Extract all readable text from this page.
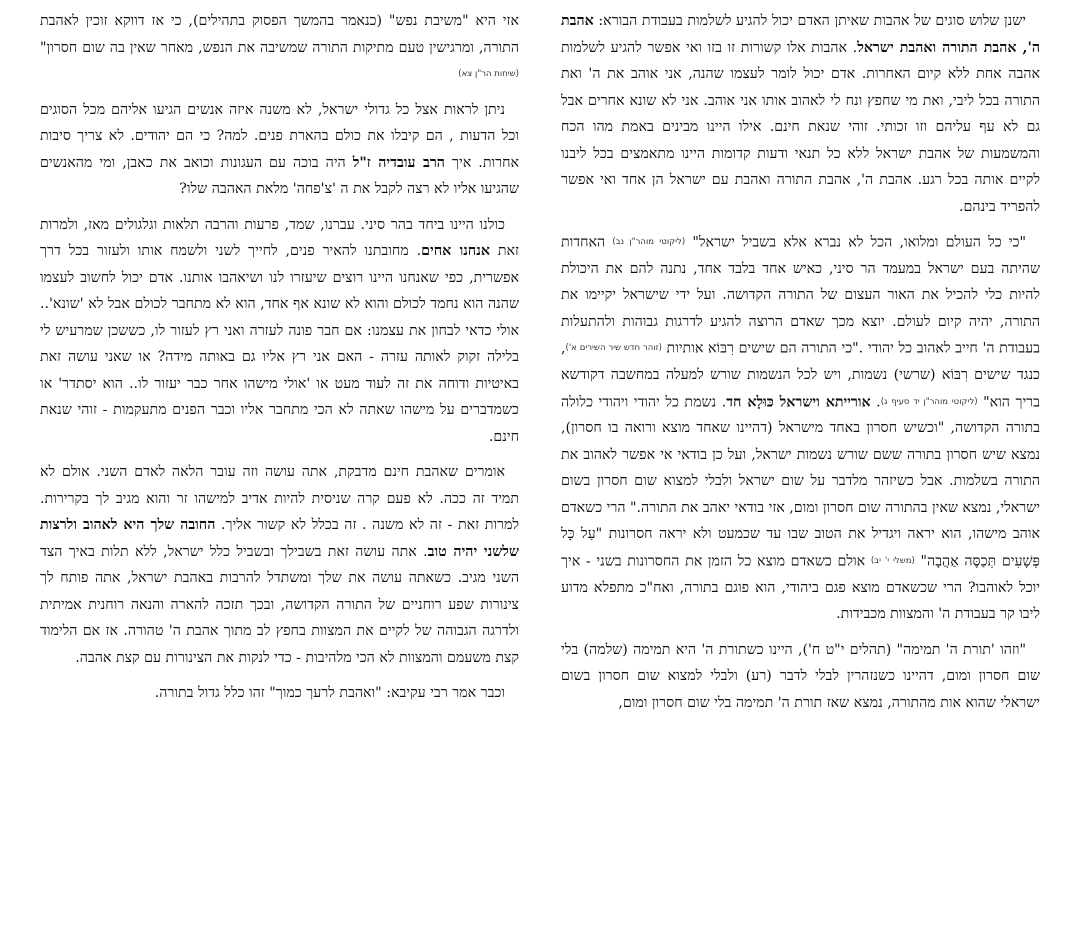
ישנן שלוש סוגים של אהבות שאיתן האדם יכול להגיע לשלמות בעבודת הבורא: אהבת ה', אהבת התורה ואהבת ישראל. אהבות אלו קשורות זו בזו ואי אפשר להגיע לשלמות אהבה אחת ללא קיום האחרות. אדם יכול לומר לעצמו שהנה, אני אוהב את ה' ואת התורה בכל ליבי, ואת מי שחפץ ונח לי לאהוב אותו אני אוהב. אני לא שונא אחרים אבל גם לא עף עליהם וזו זכותי. זוהי שנאת חינם. אילו היינו מבינים באמת מהו הכח והמשמעות של אהבת ישראל ללא כל תנאי ודעות קדומות היינו מתאמצים בכל ליבנו לקיים אותה בכל רגע. אהבת ה', אהבת התורה ואהבת עם ישראל הן אחד ואי אפשר להפריד בינהם.

"כי כל העולם ומלואו, הכל לא נברא אלא בשביל ישראל" (ליקוטי מוהר"ן נב) האחדות שהיתה בעם ישראל במעמד הר סיני, כאיש אחד בלבד אחד, נתנה להם את היכולת להיות כלי להכיל את האור העצום של התורה הקדושה. ועל ידי שישראל יקיימו את התורה, יהיה קיום לעולם. יוצא מכך שאדם הרוצה להגיע לדרגות גבוהות ולהתעלות בעבודת ה' חייב לאהוב כל יהודי ."כי התורה הם שישים רִבּוֹא אותיות (זוהר חדש שיר השירים א'), כנגד שישים רִבּוֹא (שרשי) נשמות, ויש לכל הנשמות שורש למעלה במחשבה דקודשא בריך הוא" (ליקוטי מוהר"ן יד סעיף ג). אורייתא וישראל כּוּלָא חד. נשמת כל יהודי ויהודי כלולה בתורה הקדושה, "וכשיש חסרון באחד מישראל (דהיינו שאחד מוצא ורואה בו חסרון), נמצא שיש חסרון בתורה ששם שורש נשמות ישראל, ועל כן בודאי אי אפשר לאהוב את התורה בשלמות. אבל כשיזהר מלדבר על שום ישראל ולבלי למצוא שום חסרון בשום ישראלי, נמצא שאין בהתורה שום חסרון ומום, אזי בודאי יאהב את התורה." הרי כשאדם אוהב מישהו, הוא יראה ויגדיל את הטוב שבו עד שכמעט ולא יראה חסרונות "עַל כָּל פְּשָׁעִים תְּכַסֶּה אַהֲבָה" (משלי י' יב) אולם כשאדם מוצא כל הזמן את החסרונות בשני - איך יוכל לאוהבו? הרי שכשאדם מוצא פגם ביהודי, הוא פוגם בתורה, ואח"כ מתפלא מדוע ליבו קר בעבודת ה' והמצוות מכבידות.

"וזהו 'תורת ה' תמימה" (תהלים י"ט ח'), היינו כשתורת ה' היא תמימה (שלמה) בלי שום חסרון ומום, דהיינו כשנזהרין לבלי לדבר (רע) ולבלי למצוא שום חסרון בשום ישראלי שהוא אות מהתורה, נמצא שאז תורת ה' תמימה בלי שום חסרון ומום,

אזי היא "משיבת נפש" (כנאמר בהמשך הפסוק בתהילים), כי אז דווקא זוכין לאהבת התורה, ומרגישין טעם מתיקות התורה שמשיבה את הנפש, מאחר שאין בה שום חסרון" (שיחות הר"ן צא)

ניתן לראות אצל כל גדולי ישראל, לא משנה איזה אנשים הגיעו אליהם מכל הסוגים וכל הדעות , הם קיבלו את כולם בהארת פנים. למה? כי הם יהודים. לא צריך סיבות אחרות. איך הרב עובדיה ז"ל היה בוכה עם העגונות וכואב את כאבן, ומי מהאנשים שהגיעו אליו לא רצה לקבל את ה 'צ'פחה' מלאת האהבה שלו?

כולנו היינו ביחד בהר סיני. עברנו, שמד, פרעות והרבה תלאות וגלגולים מאז, ולמרות זאת אנחנו אחים. מחובתנו להאיר פנים, לחייך לשני ולשמח אותו ולעזור בכל דרך אפשרית, כפי שאנחנו היינו רוצים שיעזרו לנו ושיאהבו אותנו. אדם יכול לחשוב לעצמו שהנה הוא נחמד לכולם והוא לא שונא אף אחד, הוא לא מתחבר לכולם אבל לא 'שונא'.. אולי כדאי לבחון את עצמנו: אם חבר פונה לעזרה ואני רץ לעזור לו, כששכן שמרעיש לי בלילה זקוק לאותה עזרה - האם אני רץ אליו גם באותה מידה? או שאני עושה זאת באיטיות ודוחה את זה לעוד מעט או 'אולי מישהו אחר כבר יעזור לו.. הוא יסתדר' או כשמדברים על מישהו שאתה לא הכי מתחבר אליו וכבר הפנים מתעקמות - זוהי שנאת חינם.

אומרים שאהבת חינם מדבקת, אתה עושה וזה עובר הלאה לאדם השני. אולם לא תמיד זה ככה. לא פעם קרה שניסית להיות אדיב למישהו זר והוא מגיב לך בקרירות. למרות זאת - זה לא משנה . זה בכלל לא קשור אליך. החובה שלך היא לאהוב ולרצות שלשני יהיה טוב. אתה עושה זאת בשבילך ובשביל כלל ישראל, ללא תלות באיך הצד השני מגיב. כשאתה עושה את שלך ומשתדל להרבות באהבת ישראל, אתה פותח לך צינורות שפע רוחניים של התורה הקדושה, ובכך תזכה להארה והנאה רוחנית אמיתית ולדרגה הגבוהה של לקיים את המצוות בחפץ לב מתוך אהבת ה' טהורה. אז אם הלימוד קצת משעמם והמצוות לא הכי מלהיבות - כדי לנקות את הצינורות עם קצת אהבה.

וכבר אמר רבי עקיבא: "ואהבת לרעך כמוך" זהו כלל גדול בתורה.
